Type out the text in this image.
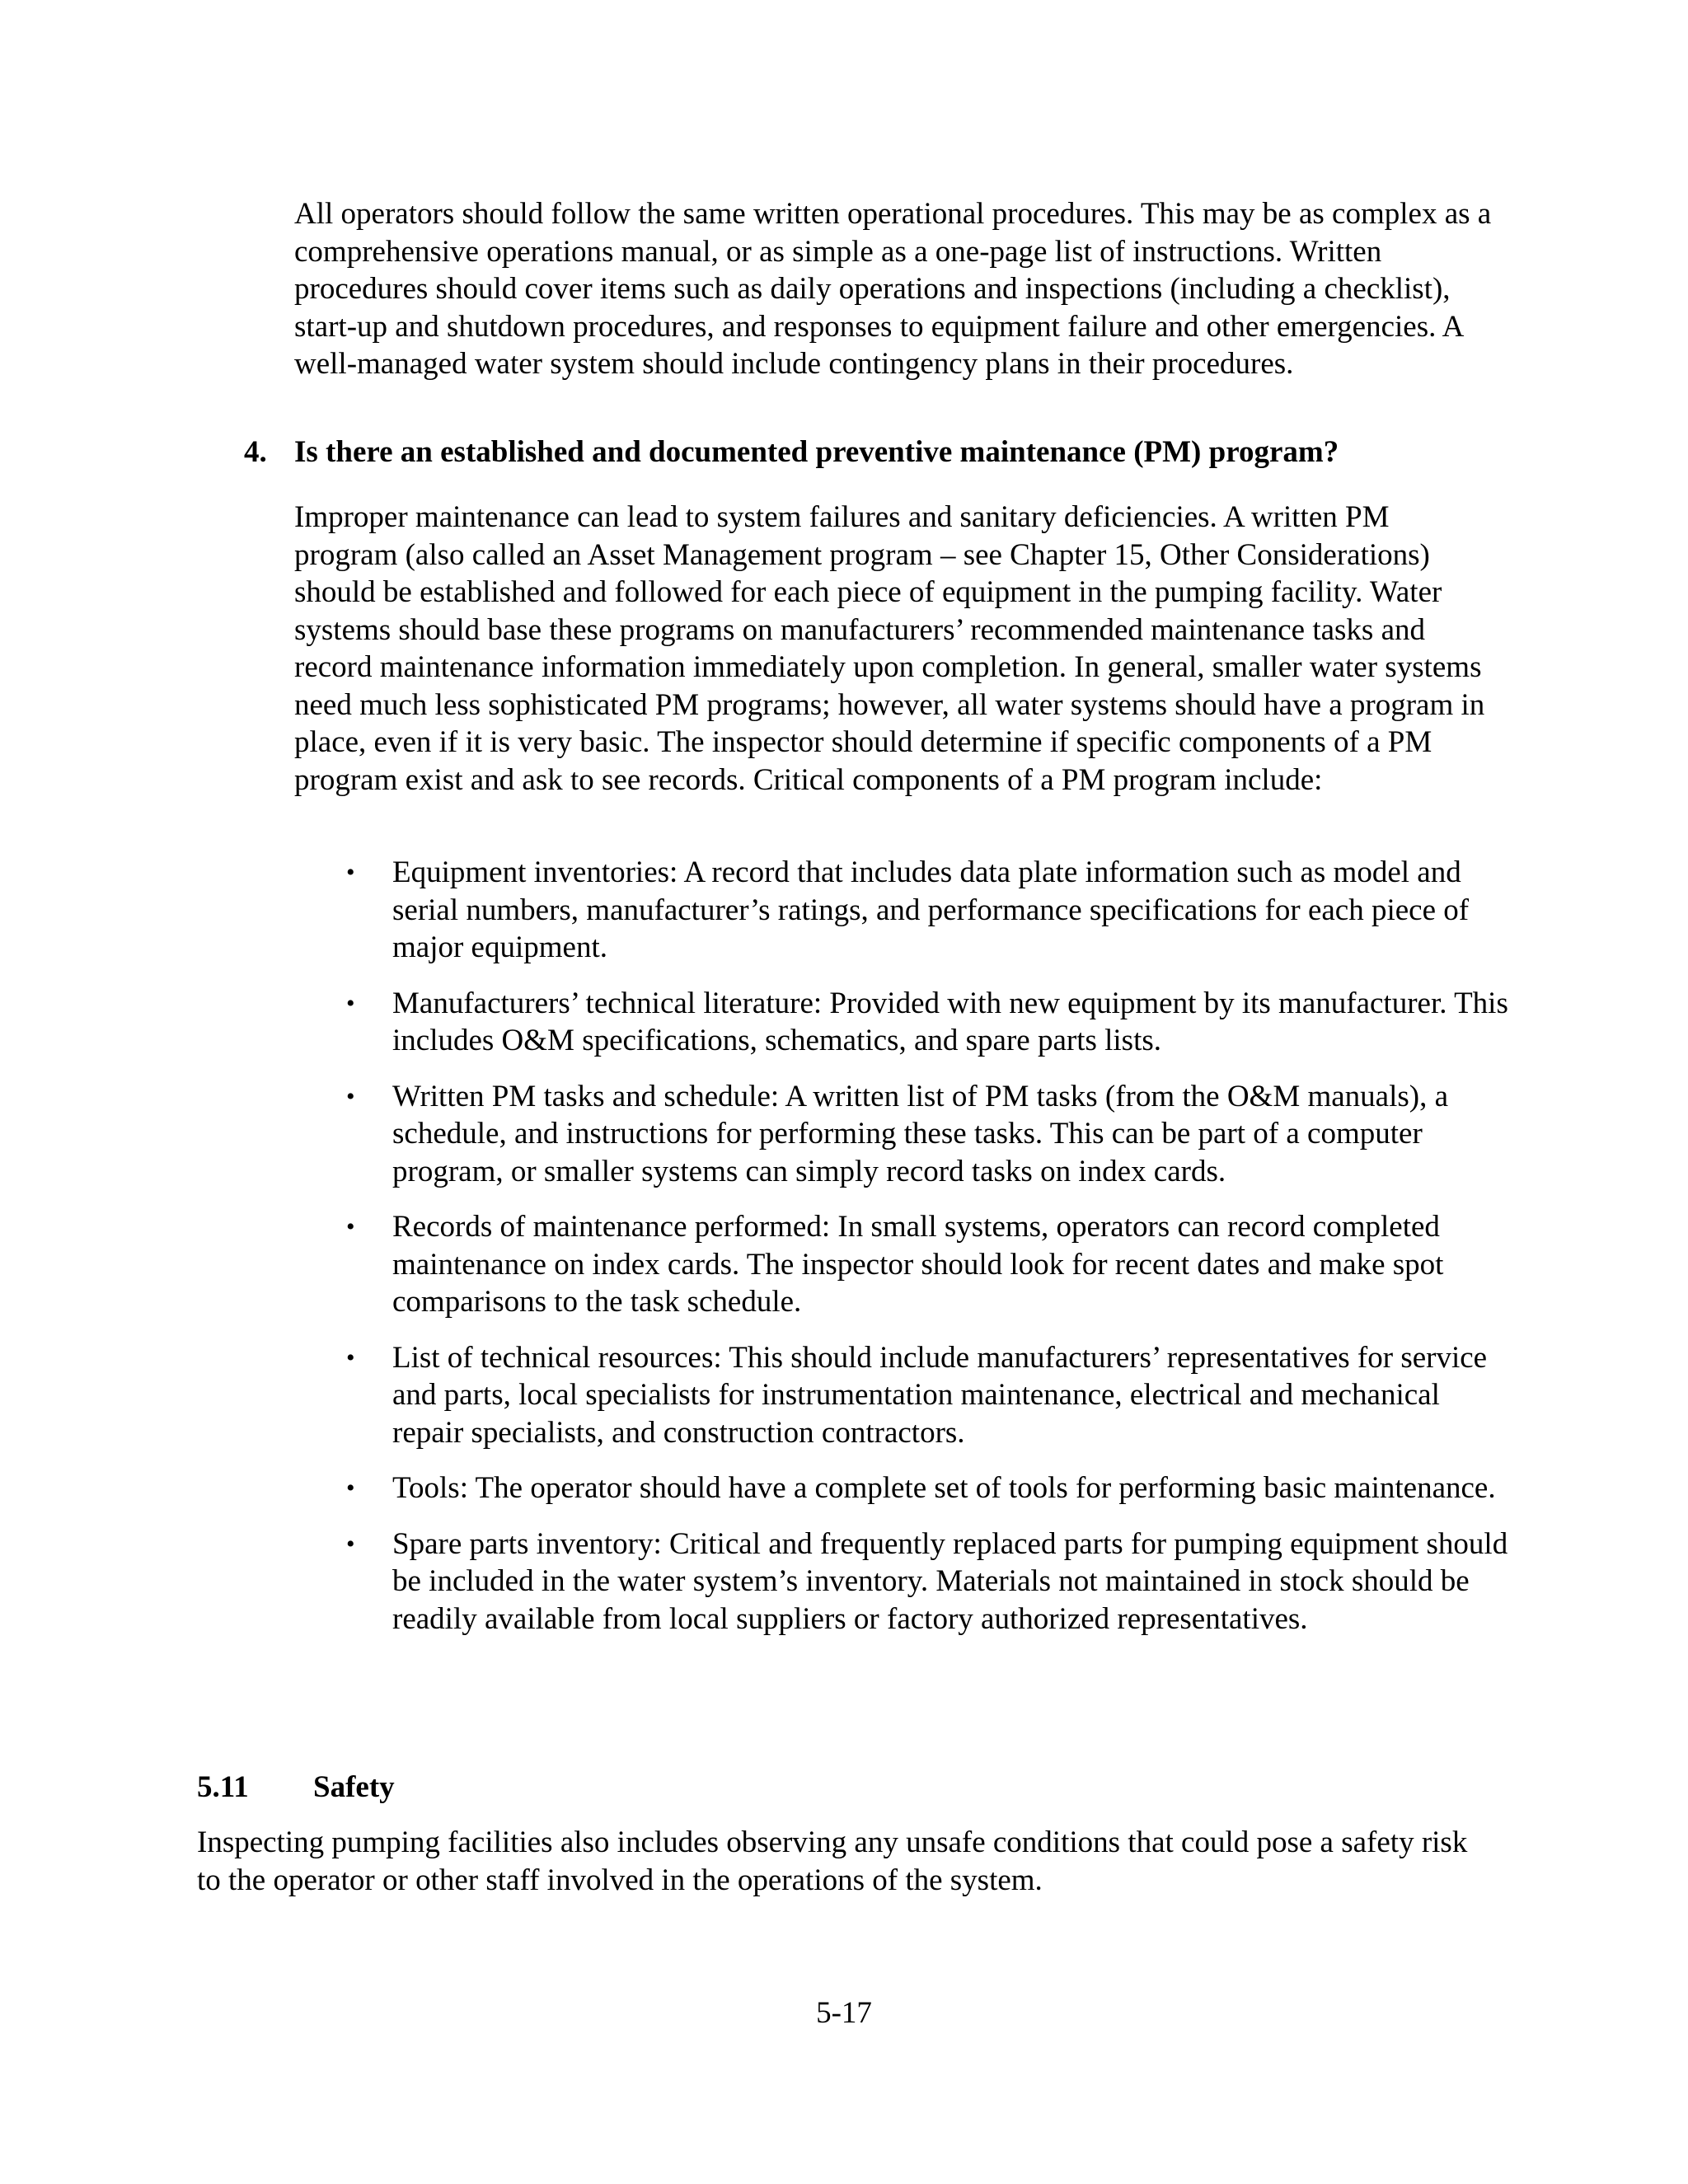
All operators should follow the same written operational procedures. This may be as complex as a comprehensive operations manual, or as simple as a one-page list of instructions. Written procedures should cover items such as daily operations and inspections (including a checklist), start-up and shutdown procedures, and responses to equipment failure and other emergencies. A well-managed water system should include contingency plans in their procedures.

4. Is there an established and documented preventive maintenance (PM) program?

Improper maintenance can lead to system failures and sanitary deficiencies. A written PM program (also called an Asset Management program – see Chapter 15, Other Considerations) should be established and followed for each piece of equipment in the pumping facility. Water systems should base these programs on manufacturers’ recommended maintenance tasks and record maintenance information immediately upon completion. In general, smaller water systems need much less sophisticated PM programs; however, all water systems should have a program in place, even if it is very basic. The inspector should determine if specific components of a PM program exist and ask to see records. Critical components of a PM program include:

• Equipment inventories: A record that includes data plate information such as model and serial numbers, manufacturer’s ratings, and performance specifications for each piece of major equipment.
• Manufacturers’ technical literature: Provided with new equipment by its manufacturer. This includes O&M specifications, schematics, and spare parts lists.
• Written PM tasks and schedule: A written list of PM tasks (from the O&M manuals), a schedule, and instructions for performing these tasks. This can be part of a computer program, or smaller systems can simply record tasks on index cards.
• Records of maintenance performed: In small systems, operators can record completed maintenance on index cards. The inspector should look for recent dates and make spot comparisons to the task schedule.
• List of technical resources: This should include manufacturers’ representatives for service and parts, local specialists for instrumentation maintenance, electrical and mechanical repair specialists, and construction contractors.
• Tools: The operator should have a complete set of tools for performing basic maintenance.
• Spare parts inventory: Critical and frequently replaced parts for pumping equipment should be included in the water system’s inventory. Materials not maintained in stock should be readily available from local suppliers or factory authorized representatives.
5.11 Safety

Inspecting pumping facilities also includes observing any unsafe conditions that could pose a safety risk to the operator or other staff involved in the operations of the system.

5-17
